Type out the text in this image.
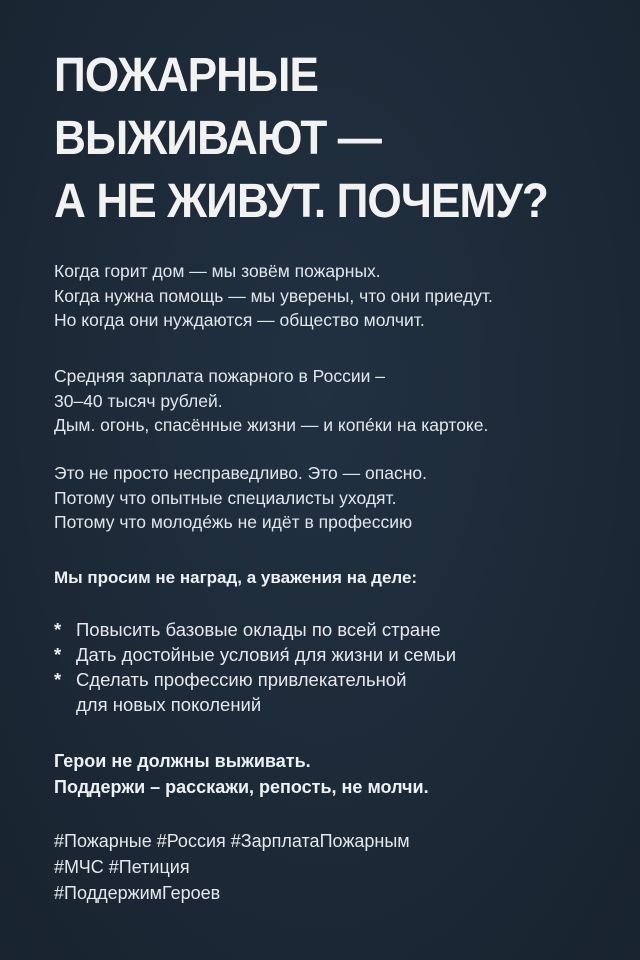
ПОЖАРНЫЕ
ВЫЖИВАЮТ —
А НЕ ЖИВУТ. ПОЧЕМУ?

Когда горит дом — мы зовём пожарных.
Когда нужна помощь — мы уверены, что они приедут.
Но когда они нуждаются — общество молчит.

Средняя зарплата пожарного в России –
30–40 тысяч рублей.
Дым. огонь, спасённые жизни — и копéки на картоке.

Это не просто несправедливо. Это — опасно.
Потому что опытные специалисты уходят.
Потому что молодéжь не идёт в профессию

Мы просим не наград, а уважения на деле:

* Повысить базовые оклады по всей стране
* Дать достойные условия́ для жизни и семьи
* Сделать профессию привлекательной
для новых поколений

Герои не должны выживать.
Поддержи – расскажи, репость, не молчи.

#Пожарные #Россия #ЗарплатаПожарным
#МЧС #Петиция
#ПоддержимГероев
